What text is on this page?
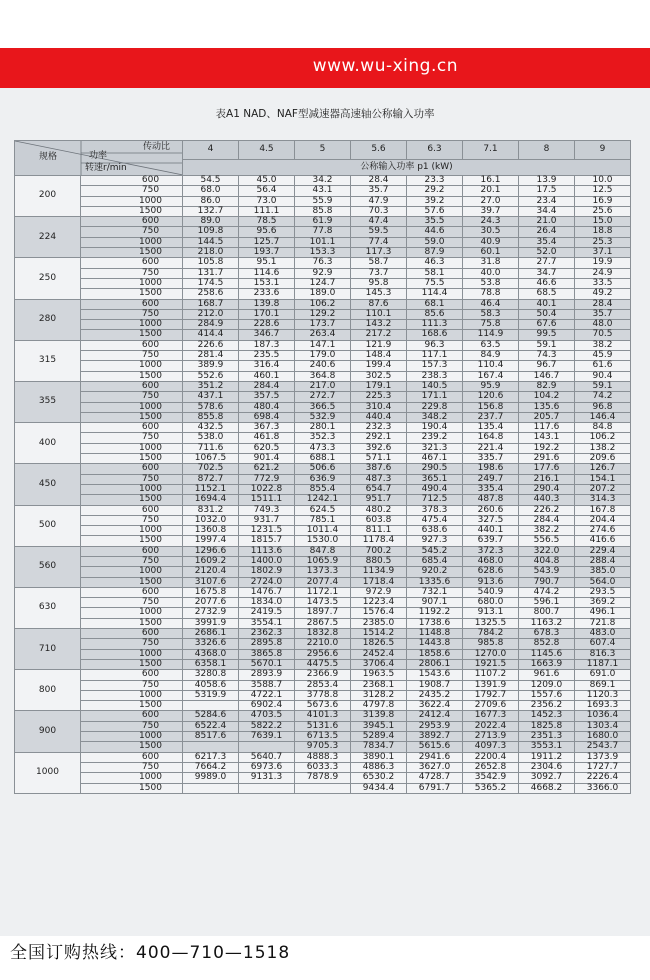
www.wu-xing.cn
表A1 NAD、NAF型减速器高速轴公称输入功率
规格
传动比
功率
转速r/min		4	4.5	5	5.6	6.3	7.1	8	9
		公称输入功率 p1 (kW)							
200	600	54.5	45.0	34.2	28.4	23.3	16.1	13.9	10.0
	750	68.0	56.4	43.1	35.7	29.2	20.1	17.5	12.5
	1000	86.0	73.0	55.9	47.9	39.2	27.0	23.4	16.9
	1500	132.7	111.1	85.8	70.3	57.6	39.7	34.4	25.6
224	600	89.0	78.5	61.9	47.4	35.5	24.3	21.0	15.0
	750	109.8	95.6	77.8	59.5	44.6	30.5	26.4	18.8
	1000	144.5	125.7	101.1	77.4	59.0	40.9	35.4	25.3
	1500	218.0	193.7	153.3	117.3	87.9	60.1	52.0	37.1
250	600	105.8	95.1	76.3	58.7	46.3	31.8	27.7	19.9
	750	131.7	114.6	92.9	73.7	58.1	40.0	34.7	24.9
	1000	174.5	153.1	124.7	95.8	75.5	53.8	46.6	33.5
	1500	258.6	233.6	189.0	145.3	114.4	78.8	68.5	49.2
280	600	168.7	139.8	106.2	87.6	68.1	46.4	40.1	28.4
	750	212.0	170.1	129.2	110.1	85.6	58.3	50.4	35.7
	1000	284.9	228.6	173.7	143.2	111.3	75.8	67.6	48.0
	1500	414.4	346.7	263.4	217.2	168.6	114.9	99.5	70.5
315	600	226.6	187.3	147.1	121.9	96.3	63.5	59.1	38.2
	750	281.4	235.5	179.0	148.4	117.1	84.9	74.3	45.9
	1000	389.9	316.4	240.6	199.4	157.3	110.4	96.7	61.6
	1500	552.6	460.1	364.8	302.5	238.3	167.4	146.7	90.4
355	600	351.2	284.4	217.0	179.1	140.5	95.9	82.9	59.1
	750	437.1	357.5	272.7	225.3	171.1	120.6	104.2	74.2
	1000	578.6	480.4	366.5	310.4	229.8	156.8	135.6	96.8
	1500	855.8	698.4	532.9	440.4	348.2	237.7	205.7	146.4
400	600	432.5	367.3	280.1	232.3	190.4	135.4	117.6	84.8
	750	538.0	461.8	352.3	292.1	239.2	164.8	143.1	106.2
	1000	711.6	620.5	473.3	392.6	321.3	221.4	192.2	138.2
	1500	1067.5	901.4	688.1	571.1	467.1	335.7	291.6	209.6
450	600	702.5	621.2	506.6	387.6	290.5	198.6	177.6	126.7
	750	872.7	772.9	636.9	487.3	365.1	249.7	216.1	154.1
	1000	1152.1	1022.8	855.4	654.7	490.4	335.4	290.4	207.2
	1500	1694.4	1511.1	1242.1	951.7	712.5	487.8	440.3	314.3
500	600	831.2	749.3	624.5	480.2	378.3	260.6	226.2	167.8
	750	1032.0	931.7	785.1	603.8	475.4	327.5	284.4	204.4
	1000	1360.8	1231.5	1011.4	811.1	638.6	440.1	382.2	274.6
	1500	1997.4	1815.7	1530.0	1178.4	927.3	639.7	556.5	416.6
560	600	1296.6	1113.6	847.8	700.2	545.2	372.3	322.0	229.4
	750	1609.2	1400.0	1065.9	880.5	685.4	468.0	404.8	288.4
	1000	2120.4	1802.9	1373.3	1134.9	920.2	628.6	543.9	385.0
	1500	3107.6	2724.0	2077.4	1718.4	1335.6	913.6	790.7	564.0
630	600	1675.8	1476.7	1172.1	972.9	732.1	540.9	474.2	293.5
	750	2077.6	1834.0	1473.5	1223.4	907.1	680.0	596.1	369.2
	1000	2732.9	2419.5	1897.7	1576.4	1192.2	913.1	800.7	496.1
	1500	3991.9	3554.1	2867.5	2385.0	1738.6	1325.5	1163.2	721.8
710	600	2686.1	2362.3	1832.8	1514.2	1148.8	784.2	678.3	483.0
	750	3326.6	2895.8	2210.0	1826.5	1443.8	985.8	852.8	607.4
	1000	4368.0	3865.8	2956.6	2452.4	1858.6	1270.0	1145.6	816.3
	1500	6358.1	5670.1	4475.5	3706.4	2806.1	1921.5	1663.9	1187.1
800	600	3280.8	2893.9	2366.9	1963.5	1543.6	1107.2	961.6	691.0
	750	4058.6	3588.7	2853.4	2368.1	1908.7	1391.9	1209.0	869.1
	1000	5319.9	4722.1	3778.8	3128.2	2435.2	1792.7	1557.6	1120.3
	1500		6902.4	5673.6	4797.8	3622.4	2709.6	2356.2	1693.3
900	600	5284.6	4703.5	4101.3	3139.8	2412.4	1677.3	1452.3	1036.4
	750	6522.4	5822.2	5131.6	3945.1	2953.9	2022.4	1825.8	1303.4
	1000	8517.6	7639.1	6713.5	5289.4	3892.7	2713.9	2351.3	1680.0
	1500			9705.3	7834.7	5615.6	4097.3	3553.1	2543.7
1000	600	6217.3	5640.7	4888.3	3890.1	2941.6	2200.4	1911.2	1373.9
	750	7664.2	6973.6	6033.3	4886.3	3627.0	2652.8	2304.6	1727.7
	1000	9989.0	9131.3	7878.9	6530.2	4728.7	3542.9	3092.7	2226.4
	1500				9434.4	6791.7	5365.2	4668.2	3366.0
全国订购热线：400—710—1518
